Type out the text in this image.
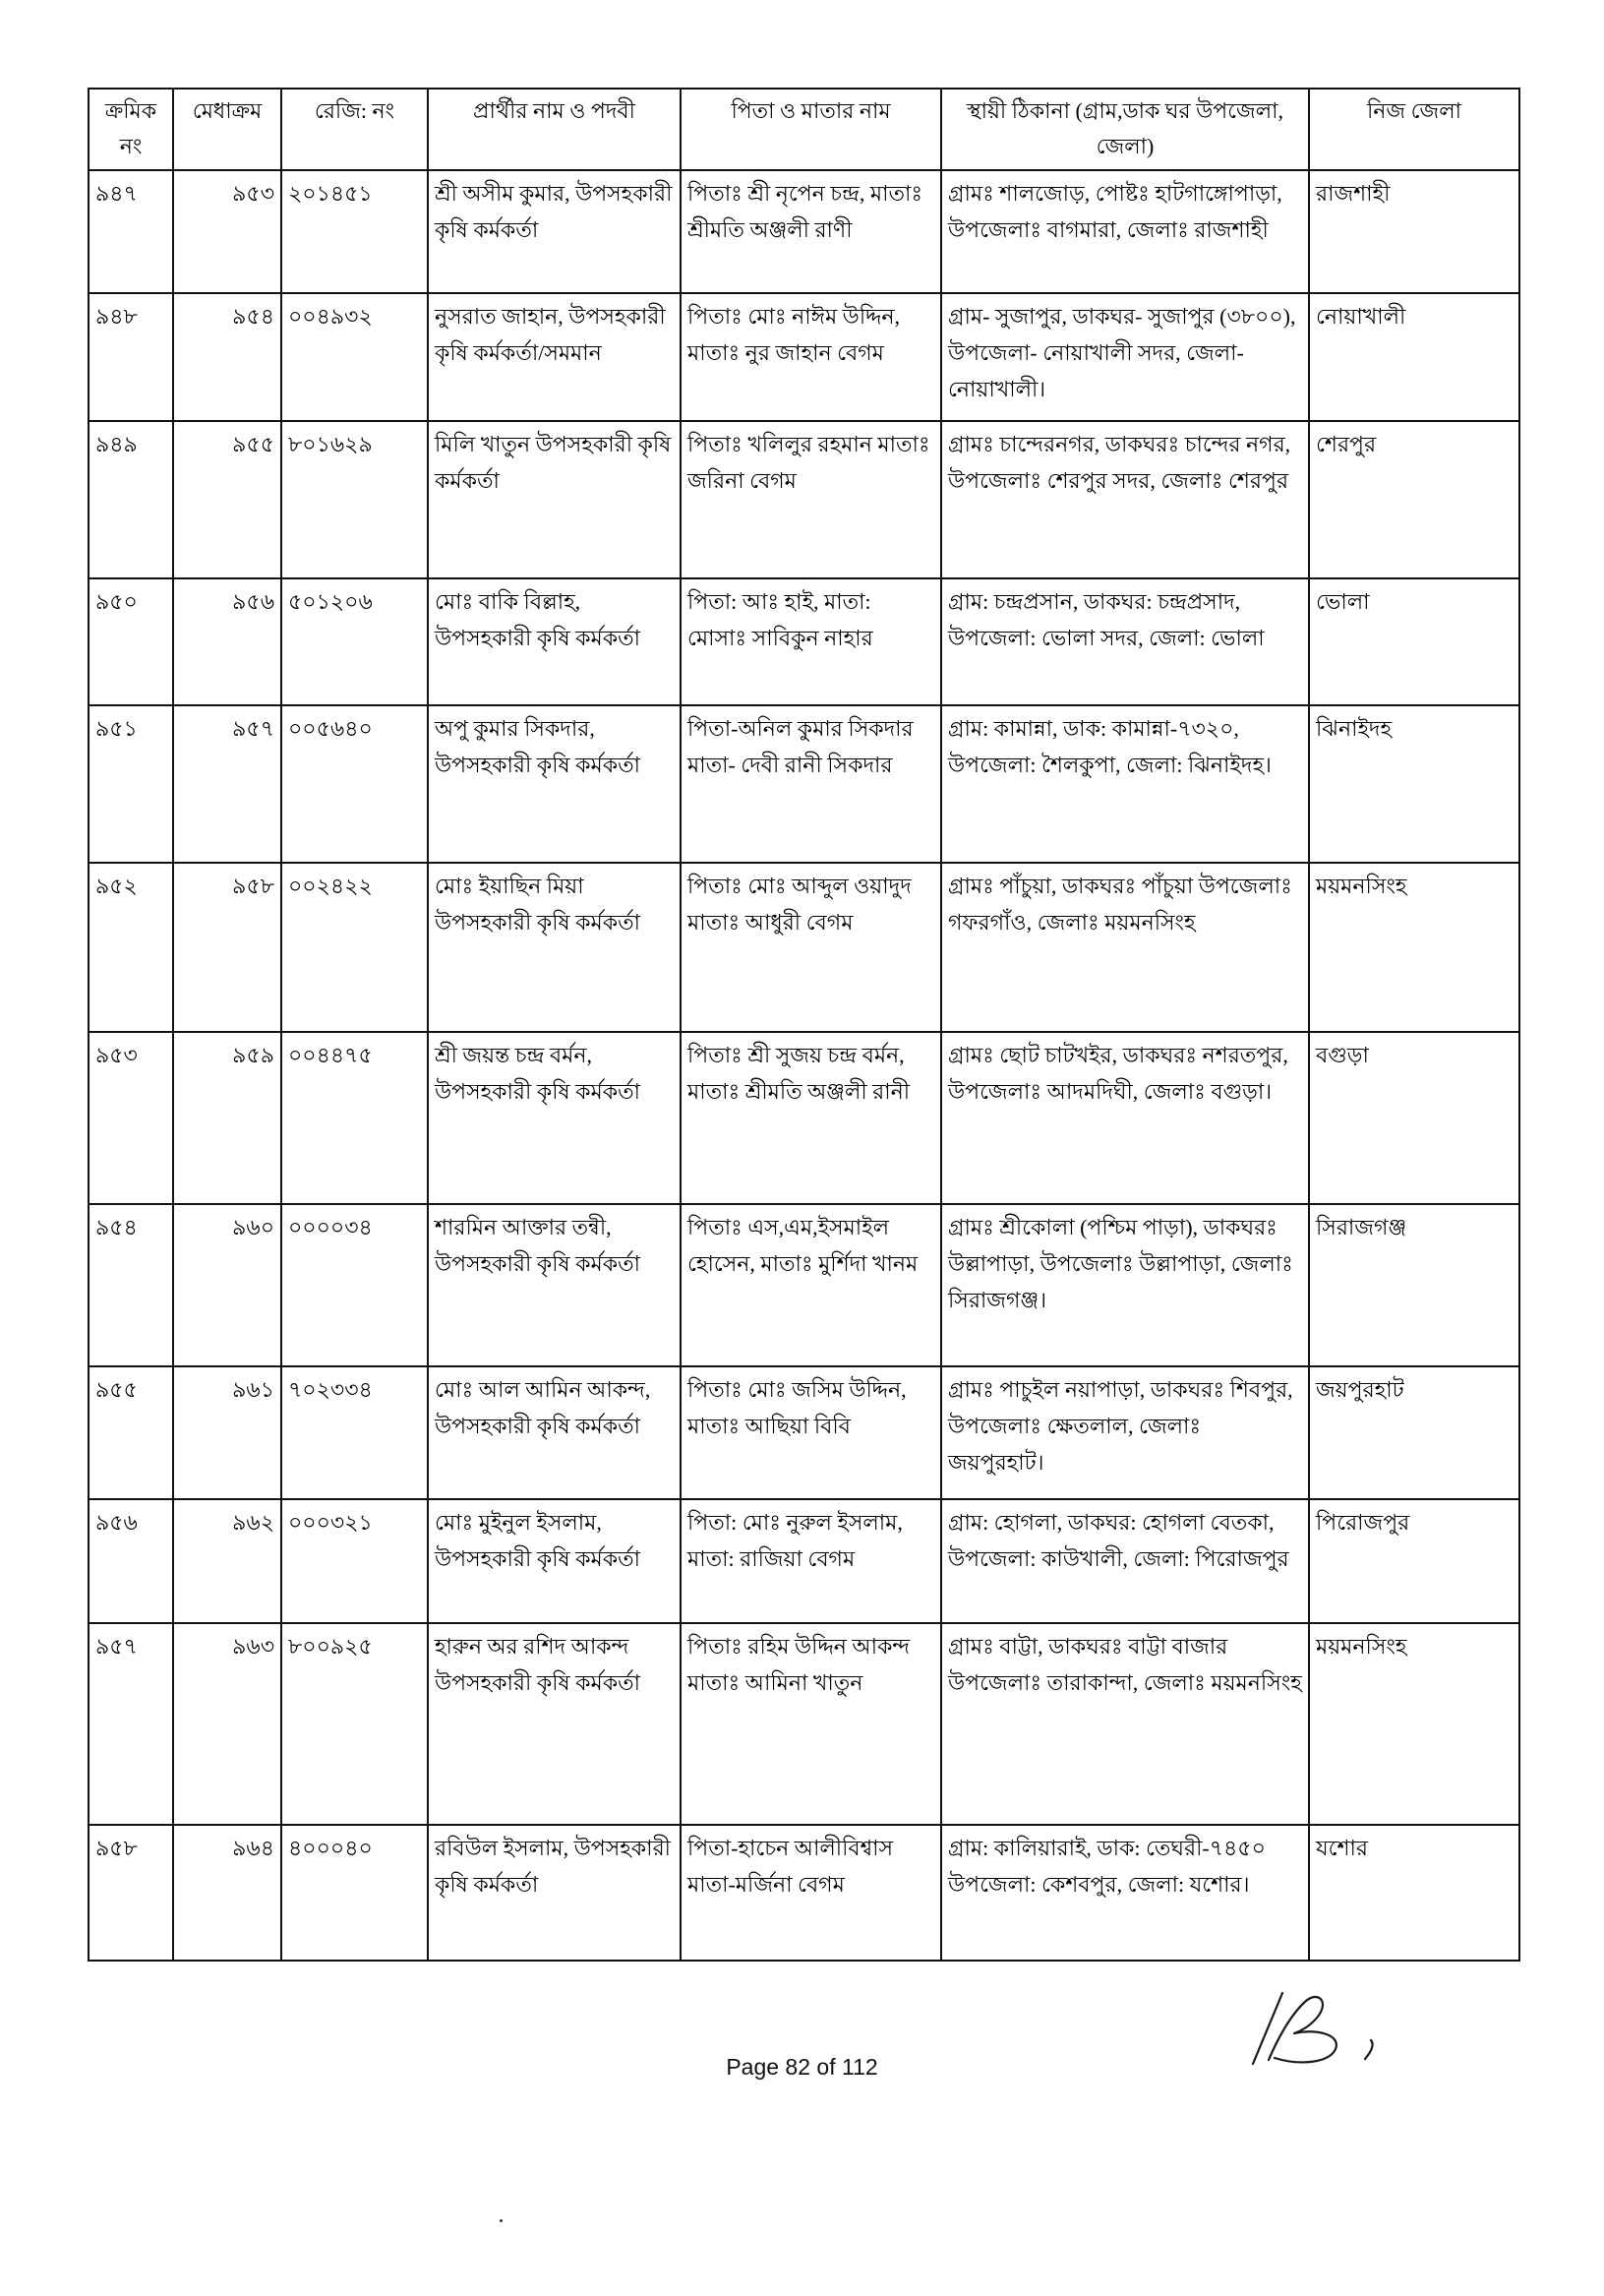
ক্রমিক নং	মেধাক্রম	রেজি: নং	প্রার্থীর নাম ও পদবী	পিতা ও মাতার নাম	স্থায়ী ঠিকানা (গ্রাম,ডাক ঘর উপজেলা, জেলা)	নিজ জেলা
৯৪৭	৯৫৩	২০১৪৫১	শ্রী অসীম কুমার, উপসহকারী কৃষি কর্মকর্তা	পিতাঃ শ্রী নৃপেন চন্দ্র, মাতাঃ শ্রীমতি অঞ্জলী রাণী	গ্রামঃ শালজোড়, পোষ্টঃ হাটগাঙ্গোপাড়া, উপজেলাঃ বাগমারা, জেলাঃ রাজশাহী	রাজশাহী
৯৪৮	৯৫৪	০০৪৯৩২	নুসরাত জাহান, উপসহকারী কৃষি কর্মকর্তা/সমমান	পিতাঃ মোঃ নাঈম উদ্দিন, মাতাঃ নুর জাহান বেগম	গ্রাম- সুজাপুর, ডাকঘর- সুজাপুর (৩৮০০), উপজেলা- নোয়াখালী সদর, জেলা- নোয়াখালী।	নোয়াখালী
৯৪৯	৯৫৫	৮০১৬২৯	মিলি খাতুন উপসহকারী কৃষি কর্মকর্তা	পিতাঃ খলিলুর রহমান মাতাঃ জরিনা বেগম	গ্রামঃ চান্দেরনগর, ডাকঘরঃ চান্দের নগর, উপজেলাঃ শেরপুর সদর, জেলাঃ শেরপুর	শেরপুর
৯৫০	৯৫৬	৫০১২০৬	মোঃ বাকি বিল্লাহ, উপসহকারী কৃষি কর্মকর্তা	পিতা: আঃ হাই, মাতা: মোসাঃ সাবিকুন নাহার	গ্রাম: চন্দ্রপ্রসান, ডাকঘর: চন্দ্রপ্রসাদ, উপজেলা: ভোলা সদর, জেলা: ভোলা	ভোলা
৯৫১	৯৫৭	০০৫৬৪০	অপু কুমার সিকদার, উপসহকারী কৃষি কর্মকর্তা	পিতা-অনিল কুমার সিকদার মাতা- দেবী রানী সিকদার	গ্রাম: কামান্না, ডাক: কামান্না-৭৩২০, উপজেলা: শৈলকুপা, জেলা: ঝিনাইদহ।	ঝিনাইদহ
৯৫২	৯৫৮	০০২৪২২	মোঃ ইয়াছিন মিয়া উপসহকারী কৃষি কর্মকর্তা	পিতাঃ মোঃ আব্দুল ওয়াদুদ মাতাঃ আধুরী বেগম	গ্রামঃ পাঁচুয়া, ডাকঘরঃ পাঁচুয়া উপজেলাঃ গফরগাঁও, জেলাঃ ময়মনসিংহ	ময়মনসিংহ
৯৫৩	৯৫৯	০০৪৪৭৫	শ্রী জয়ন্ত চন্দ্র বর্মন, উপসহকারী কৃষি কর্মকর্তা	পিতাঃ শ্রী সুজয় চন্দ্র বর্মন, মাতাঃ শ্রীমতি অঞ্জলী রানী	গ্রামঃ ছোট চাটখইর, ডাকঘরঃ নশরতপুর, উপজেলাঃ আদমদিঘী, জেলাঃ বগুড়া।	বগুড়া
৯৫৪	৯৬০	০০০০৩৪	শারমিন আক্তার তন্বী, উপসহকারী কৃষি কর্মকর্তা	পিতাঃ এস,এম,ইসমাইল হোসেন, মাতাঃ মুর্শিদা খানম	গ্রামঃ শ্রীকোলা (পশ্চিম পাড়া), ডাকঘরঃ উল্লাপাড়া, উপজেলাঃ উল্লাপাড়া, জেলাঃ সিরাজগঞ্জ।	সিরাজগঞ্জ
৯৫৫	৯৬১	৭০২৩৩৪	মোঃ আল আমিন আকন্দ, উপসহকারী কৃষি কর্মকর্তা	পিতাঃ মোঃ জসিম উদ্দিন, মাতাঃ আছিয়া বিবি	গ্রামঃ পাচুইল নয়াপাড়া, ডাকঘরঃ শিবপুর, উপজেলাঃ ক্ষেতলাল, জেলাঃ জয়পুরহাট।	জয়পুরহাট
৯৫৬	৯৬২	০০০৩২১	মোঃ মুইনুল ইসলাম, উপসহকারী কৃষি কর্মকর্তা	পিতা: মোঃ নুরুল ইসলাম, মাতা: রাজিয়া বেগম	গ্রাম: হোগলা, ডাকঘর: হোগলা বেতকা, উপজেলা: কাউখালী, জেলা: পিরোজপুর	পিরোজপুর
৯৫৭	৯৬৩	৮০০৯২৫	হারুন অর রশিদ আকন্দ উপসহকারী কৃষি কর্মকর্তা	পিতাঃ রহিম উদ্দিন আকন্দ মাতাঃ আমিনা খাতুন	গ্রামঃ বাট্টা, ডাকঘরঃ বাট্টা বাজার উপজেলাঃ তারাকান্দা, জেলাঃ ময়মনসিংহ	ময়মনসিংহ
৯৫৮	৯৬৪	৪০০০৪০	রবিউল ইসলাম, উপসহকারী কৃষি কর্মকর্তা	পিতা-হাচেন আলীবিশ্বাস মাতা-মর্জিনা বেগম	গ্রাম: কালিয়ারাই, ডাক: তেঘরী-৭৪৫০ উপজেলা: কেশবপুর, জেলা: যশোর।	যশোর
Page 82 of 112
